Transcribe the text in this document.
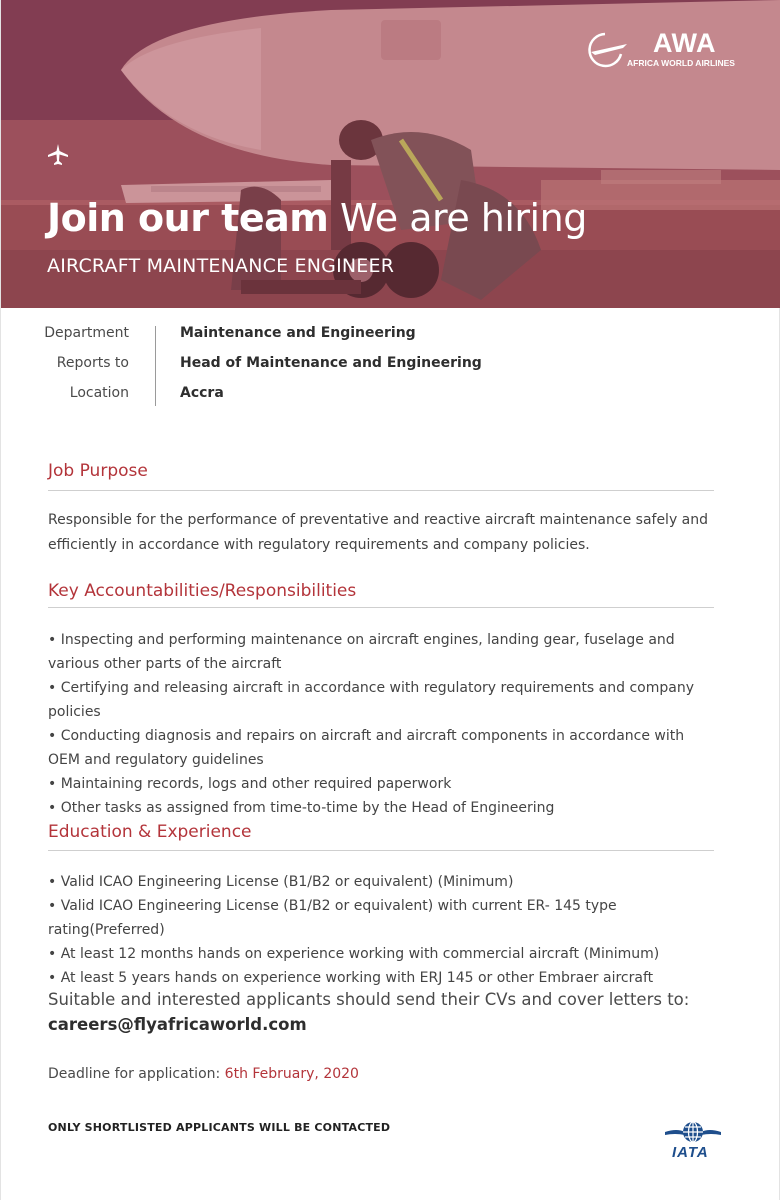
AWA
AFRICA WORLD AIRLINES
Join our team We are hiring
AIRCRAFT MAINTENANCE ENGINEER
Department	Maintenance and Engineering
Reports to	Head of Maintenance and Engineering
Location	Accra
Job Purpose
Responsible for the performance of preventative and reactive aircraft maintenance safely and efficiently in accordance with regulatory requirements and company policies.
Key Accountabilities/Responsibilities
• Inspecting and performing maintenance on aircraft engines, landing gear, fuselage and various other parts of the aircraft
• Certifying and releasing aircraft in accordance with regulatory requirements and company policies
• Conducting diagnosis and repairs on aircraft and aircraft components in accordance with OEM and regulatory guidelines
• Maintaining records, logs and other required paperwork
• Other tasks as assigned from time-to-time by the Head of Engineering
Education & Experience
• Valid ICAO Engineering License (B1/B2 or equivalent) (Minimum)
• Valid ICAO Engineering License (B1/B2 or equivalent) with current ER- 145 type rating(Preferred)
• At least 12 months hands on experience working with commercial aircraft (Minimum)
• At least 5 years hands on experience working with ERJ 145 or other Embraer aircraft
Suitable and interested applicants should send their CVs and cover letters to:
careers@flyafricaworld.com
Deadline for application: 6th February, 2020
ONLY SHORTLISTED APPLICANTS WILL BE CONTACTED
IATA
